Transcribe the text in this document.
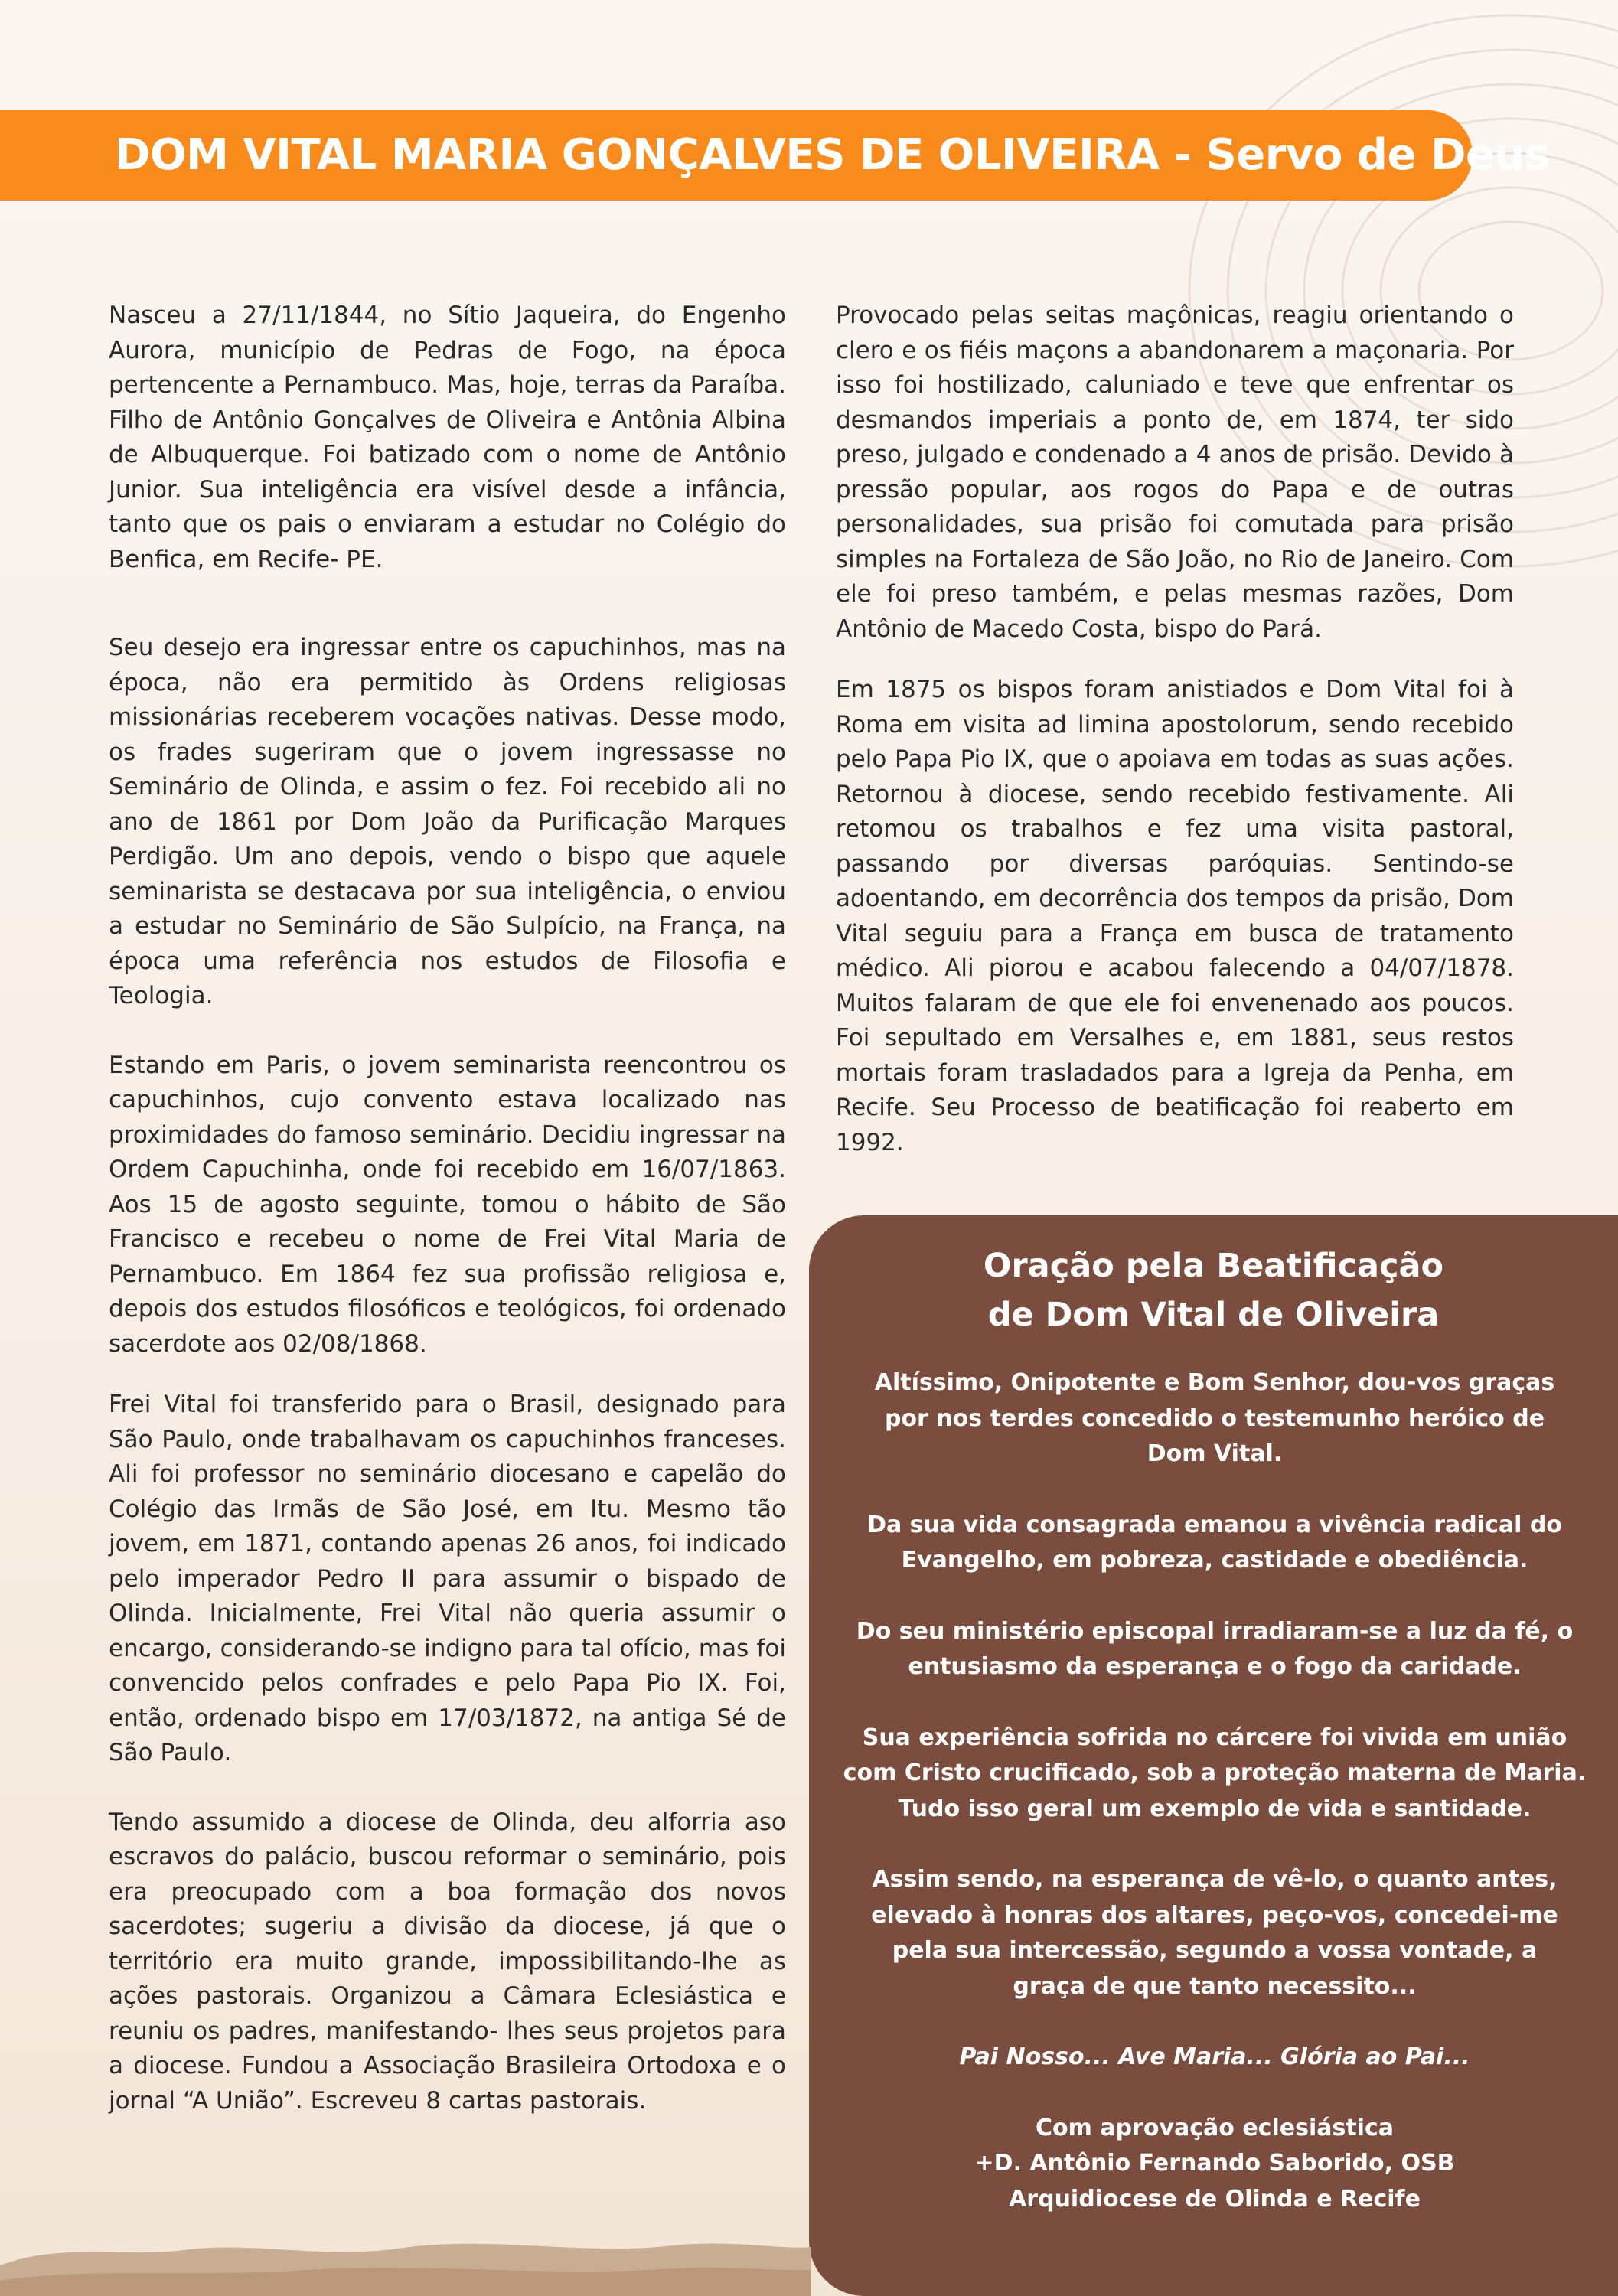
DOM VITAL MARIA GONÇALVES DE OLIVEIRA - Servo de Deus

Nasceu a 27/11/1844, no Sítio Jaqueira, do Engenho Aurora, município de Pedras de Fogo, na época pertencente a Pernambuco. Mas, hoje, terras da Paraíba. Filho de Antônio Gonçalves de Oliveira e Antônia Albina de Albuquerque. Foi batizado com o nome de Antônio Junior. Sua inteligência era visível desde a infância, tanto que os pais o enviaram a estudar no Colégio do Benfica, em Recife- PE.

Seu desejo era ingressar entre os capuchinhos, mas na época, não era permitido às Ordens religiosas missionárias receberem vocações nativas. Desse modo, os frades sugeriram que o jovem ingressasse no Seminário de Olinda, e assim o fez. Foi recebido ali no ano de 1861 por Dom João da Purificação Marques Perdigão. Um ano depois, vendo o bispo que aquele seminarista se destacava por sua inteligência, o enviou a estudar no Seminário de São Sulpício, na França, na época uma referência nos estudos de Filosofia e Teologia.

Estando em Paris, o jovem seminarista reencontrou os capuchinhos, cujo convento estava localizado nas proximidades do famoso seminário. Decidiu ingressar na Ordem Capuchinha, onde foi recebido em 16/07/1863. Aos 15 de agosto seguinte, tomou o hábito de São Francisco e recebeu o nome de Frei Vital Maria de Pernambuco. Em 1864 fez sua profissão religiosa e, depois dos estudos filosóficos e teológicos, foi ordenado sacerdote aos 02/08/1868.

Frei Vital foi transferido para o Brasil, designado para São Paulo, onde trabalhavam os capuchinhos franceses. Ali foi professor no seminário diocesano e capelão do Colégio das Irmãs de São José, em Itu. Mesmo tão jovem, em 1871, contando apenas 26 anos, foi indicado pelo imperador Pedro II para assumir o bispado de Olinda. Inicialmente, Frei Vital não queria assumir o encargo, considerando-se indigno para tal ofício, mas foi convencido pelos confrades e pelo Papa Pio IX. Foi, então, ordenado bispo em 17/03/1872, na antiga Sé de São Paulo.

Tendo assumido a diocese de Olinda, deu alforria aso escravos do palácio, buscou reformar o seminário, pois era preocupado com a boa formação dos novos sacerdotes; sugeriu a divisão da diocese, já que o território era muito grande, impossibilitando-lhe as ações pastorais. Organizou a Câmara Eclesiástica e reuniu os padres, manifestando- lhes seus projetos para a diocese. Fundou a Associação Brasileira Ortodoxa e o jornal “A União”. Escreveu 8 cartas pastorais.

Provocado pelas seitas maçônicas, reagiu orientando o clero e os fiéis maçons a abandonarem a maçonaria. Por isso foi hostilizado, caluniado e teve que enfrentar os desmandos imperiais a ponto de, em 1874, ter sido preso, julgado e condenado a 4 anos de prisão. Devido à pressão popular, aos rogos do Papa e de outras personalidades, sua prisão foi comutada para prisão simples na Fortaleza de São João, no Rio de Janeiro. Com ele foi preso também, e pelas mesmas razões, Dom Antônio de Macedo Costa, bispo do Pará.

Em 1875 os bispos foram anistiados e Dom Vital foi à Roma em visita ad limina apostolorum, sendo recebido pelo Papa Pio IX, que o apoiava em todas as suas ações. Retornou à diocese, sendo recebido festivamente. Ali retomou os trabalhos e fez uma visita pastoral, passando por diversas paróquias. Sentindo-se adoentando, em decorrência dos tempos da prisão, Dom Vital seguiu para a França em busca de tratamento médico. Ali piorou e acabou falecendo a 04/07/1878. Muitos falaram de que ele foi envenenado aos poucos. Foi sepultado em Versalhes e, em 1881, seus restos mortais foram trasladados para a Igreja da Penha, em Recife. Seu Processo de beatificação foi reaberto em 1992.

Oração pela Beatificação
de Dom Vital de Oliveira

Altíssimo, Onipotente e Bom Senhor, dou-vos graças

por nos terdes concedido o testemunho heróico de

Dom Vital.

Da sua vida consagrada emanou a vivência radical do

Evangelho, em pobreza, castidade e obediência.

Do seu ministério episcopal irradiaram-se a luz da fé, o

entusiasmo da esperança e o fogo da caridade.

Sua experiência sofrida no cárcere foi vivida em união

com Cristo crucificado, sob a proteção materna de Maria.

Tudo isso geral um exemplo de vida e santidade.

Assim sendo, na esperança de vê-lo, o quanto antes,

elevado à honras dos altares, peço-vos, concedei-me

pela sua intercessão, segundo a vossa vontade, a

graça de que tanto necessito...

Pai Nosso... Ave Maria... Glória ao Pai...

Com aprovação eclesiástica

+D. Antônio Fernando Saborido, OSB

Arquidiocese de Olinda e Recife
